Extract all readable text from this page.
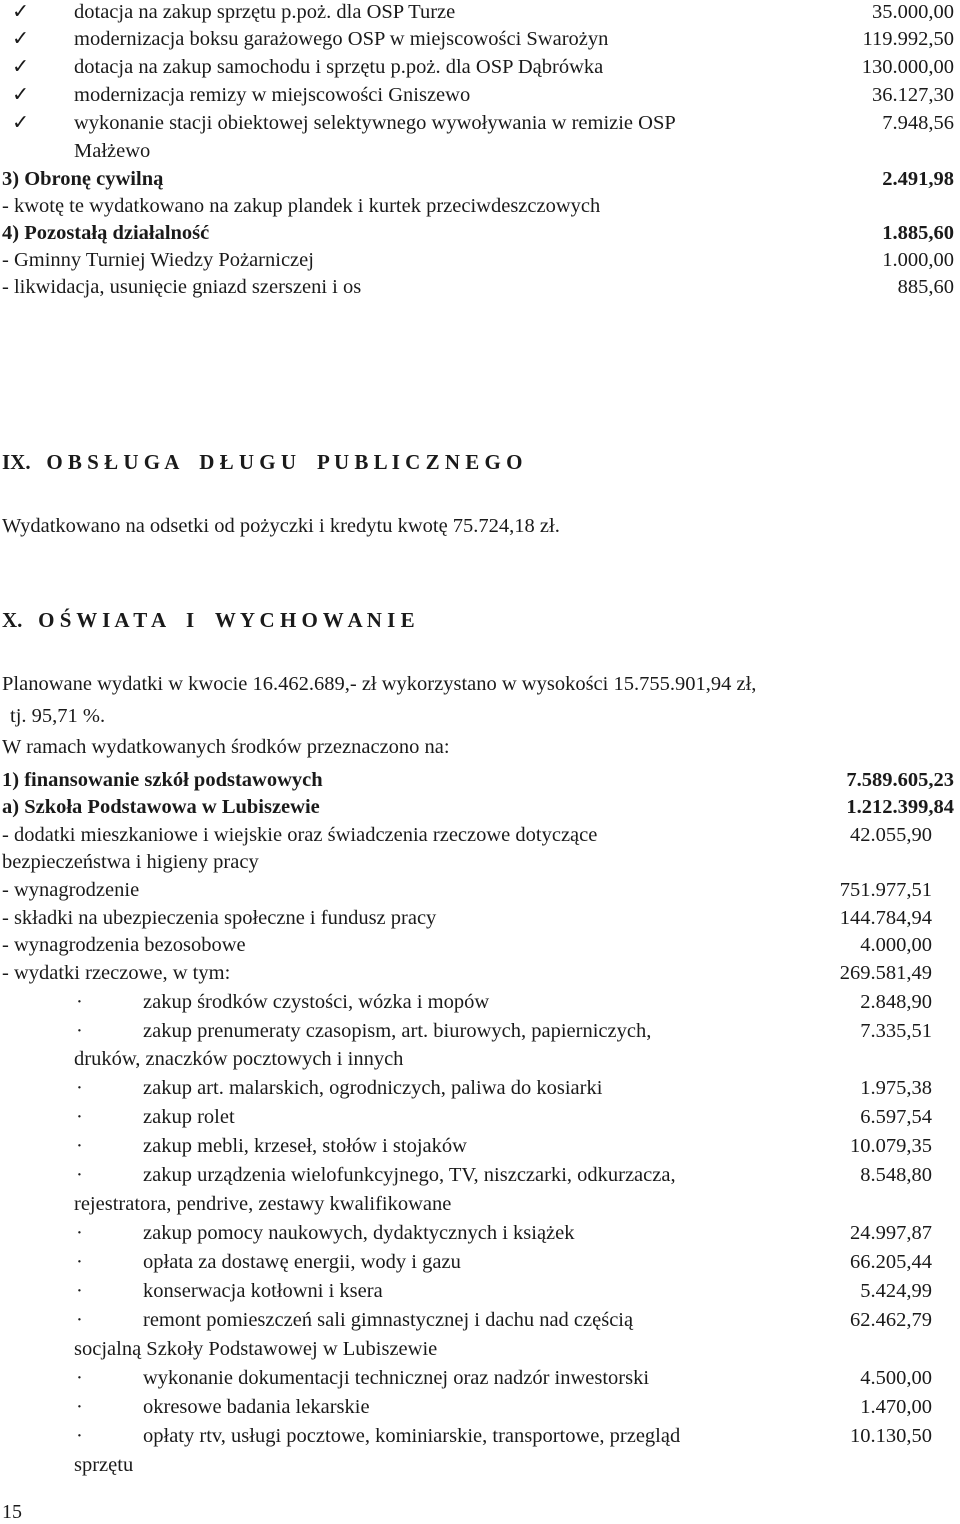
✓ dotacja na zakup sprzętu p.poż. dla OSP Turze	35.000,00
✓ modernizacja boksu garażowego OSP w miejscowości Swarożyn	119.992,50
✓ dotacja na zakup samochodu i sprzętu p.poż. dla OSP Dąbrówka	130.000,00
✓ modernizacja remizy w miejscowości Gniszewo	36.127,30
✓ wykonanie stacji obiektowej selektywnego wywoływania w remizie OSP	7.948,56
Małżewo
3) Obronę cywilną	2.491,98
- kwotę te wydatkowano na zakup plandek i kurtek przeciwdeszczowych
4) Pozostałą działalność	1.885,60
- Gminny Turniej Wiedzy Pożarniczej	1.000,00
- likwidacja, usunięcie gniazd szerszeni i os	885,60
IX.   O B S Ł U G A    D Ł U G U    P U B L I C Z N E G O
Wydatkowano na odsetki od pożyczki i kredytu kwotę 75.724,18 zł.
X.   O Ś W I A T A    I    W Y C H O W A N I E
Planowane wydatki w kwocie 16.462.689,- zł wykorzystano w wysokości 15.755.901,94 zł,
tj. 95,71 %.
W ramach wydatkowanych środków przeznaczono na:
1) finansowanie szkół podstawowych	7.589.605,23
a) Szkoła Podstawowa w Lubiszewie	1.212.399,84
- dodatki mieszkaniowe i wiejskie oraz świadczenia rzeczowe dotyczące	42.055,90
bezpieczeństwa i higieny pracy
- wynagrodzenie	751.977,51
- składki na ubezpieczenia społeczne i fundusz pracy	144.784,94
- wynagrodzenia bezosobowe	4.000,00
- wydatki rzeczowe, w tym:	269.581,49
·	zakup środków czystości, wózka i mopów	2.848,90
·	zakup prenumeraty czasopism, art. biurowych, papierniczych,	7.335,51
druków, znaczków pocztowych i innych
·	zakup art. malarskich, ogrodniczych, paliwa do kosiarki	1.975,38
·	zakup rolet	6.597,54
·	zakup mebli, krzeseł, stołów i stojaków	10.079,35
·	zakup urządzenia wielofunkcyjnego, TV, niszczarki, odkurzacza,	8.548,80
rejestratora, pendrive, zestawy kwalifikowane
·	zakup pomocy naukowych, dydaktycznych i książek	24.997,87
·	opłata za dostawę energii, wody i gazu	66.205,44
·	konserwacja kotłowni i ksera	5.424,99
·	remont pomieszczeń sali gimnastycznej i dachu nad częścią	62.462,79
socjalną Szkoły Podstawowej w Lubiszewie
·	wykonanie dokumentacji technicznej oraz nadzór inwestorski	4.500,00
·	okresowe badania lekarskie	1.470,00
·	opłaty rtv, usługi pocztowe, kominiarskie, transportowe, przegląd	10.130,50
sprzętu
15
